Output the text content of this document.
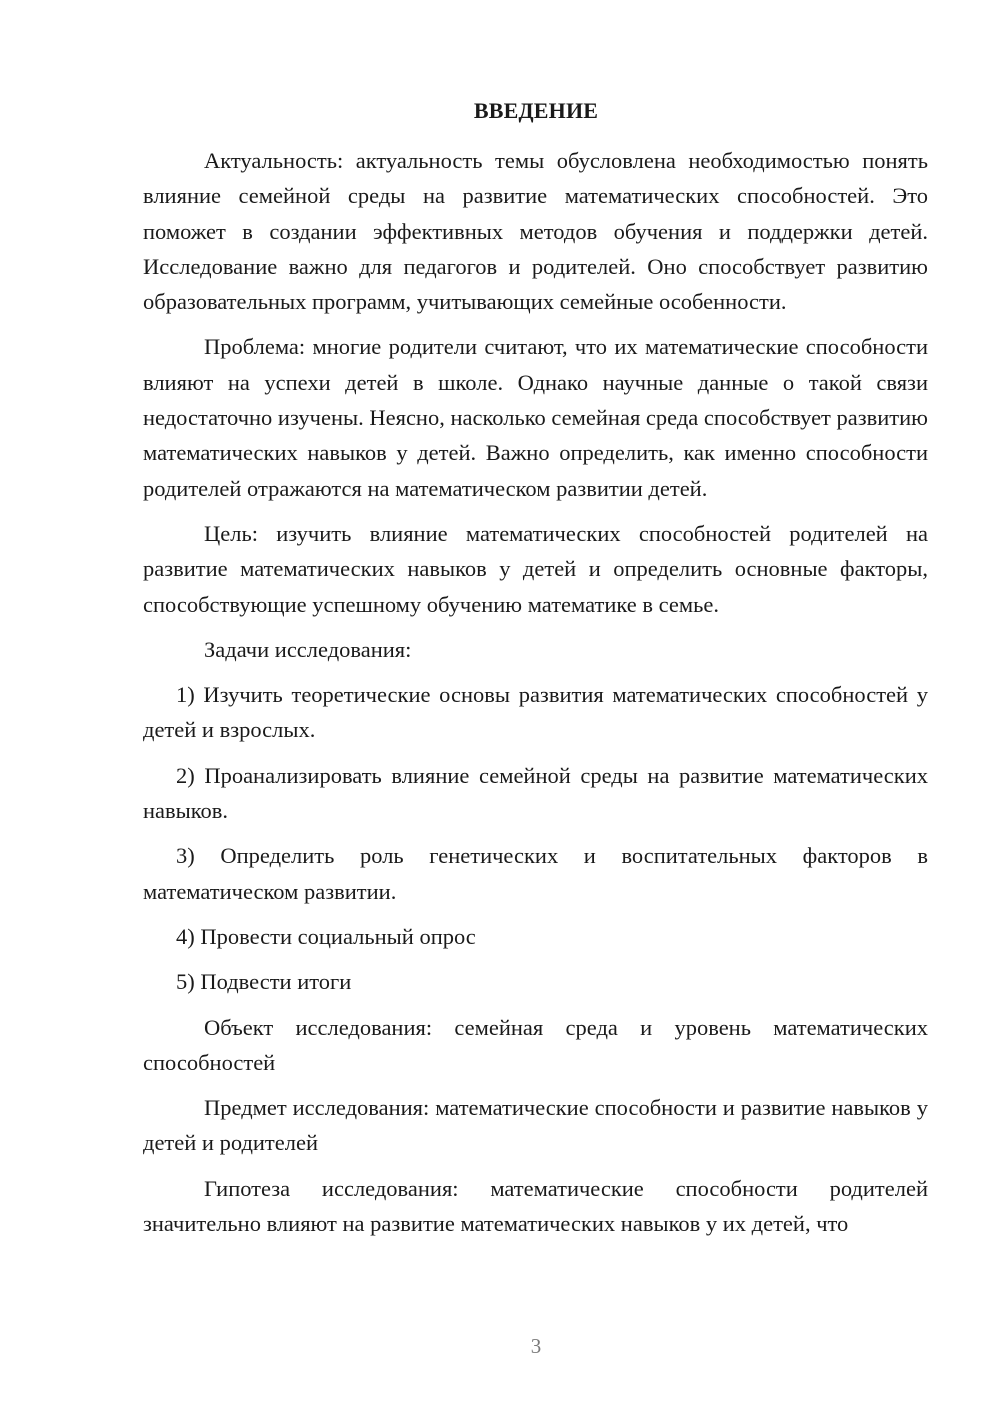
ВВЕДЕНИЕ

Актуальность: актуальность темы обусловлена необходимостью понять влияние семейной среды на развитие математических способностей. Это поможет в создании эффективных методов обучения и поддержки детей. Исследование важно для педагогов и родителей. Оно способствует развитию образовательных программ, учитывающих семейные особенности.

Проблема: многие родители считают, что их математические способности влияют на успехи детей в школе. Однако научные данные о такой связи недостаточно изучены. Неясно, насколько семейная среда способствует развитию математических навыков у детей. Важно определить, как именно способности родителей отражаются на математическом развитии детей.

Цель: изучить влияние математических способностей родителей на развитие математических навыков у детей и определить основные факторы, способствующие успешному обучению математике в семье.

Задачи исследования:

1) Изучить теоретические основы развития математических способностей у детей и взрослых.

2) Проанализировать влияние семейной среды на развитие математических навыков.

3) Определить роль генетических и воспитательных факторов в математическом развитии.

4) Провести социальный опрос

5) Подвести итоги

Объект исследования: семейная среда и уровень математических способностей

Предмет исследования: математические способности и развитие навыков у детей и родителей

Гипотеза исследования: математические способности родителей значительно влияют на развитие математических навыков у их детей, что

3
